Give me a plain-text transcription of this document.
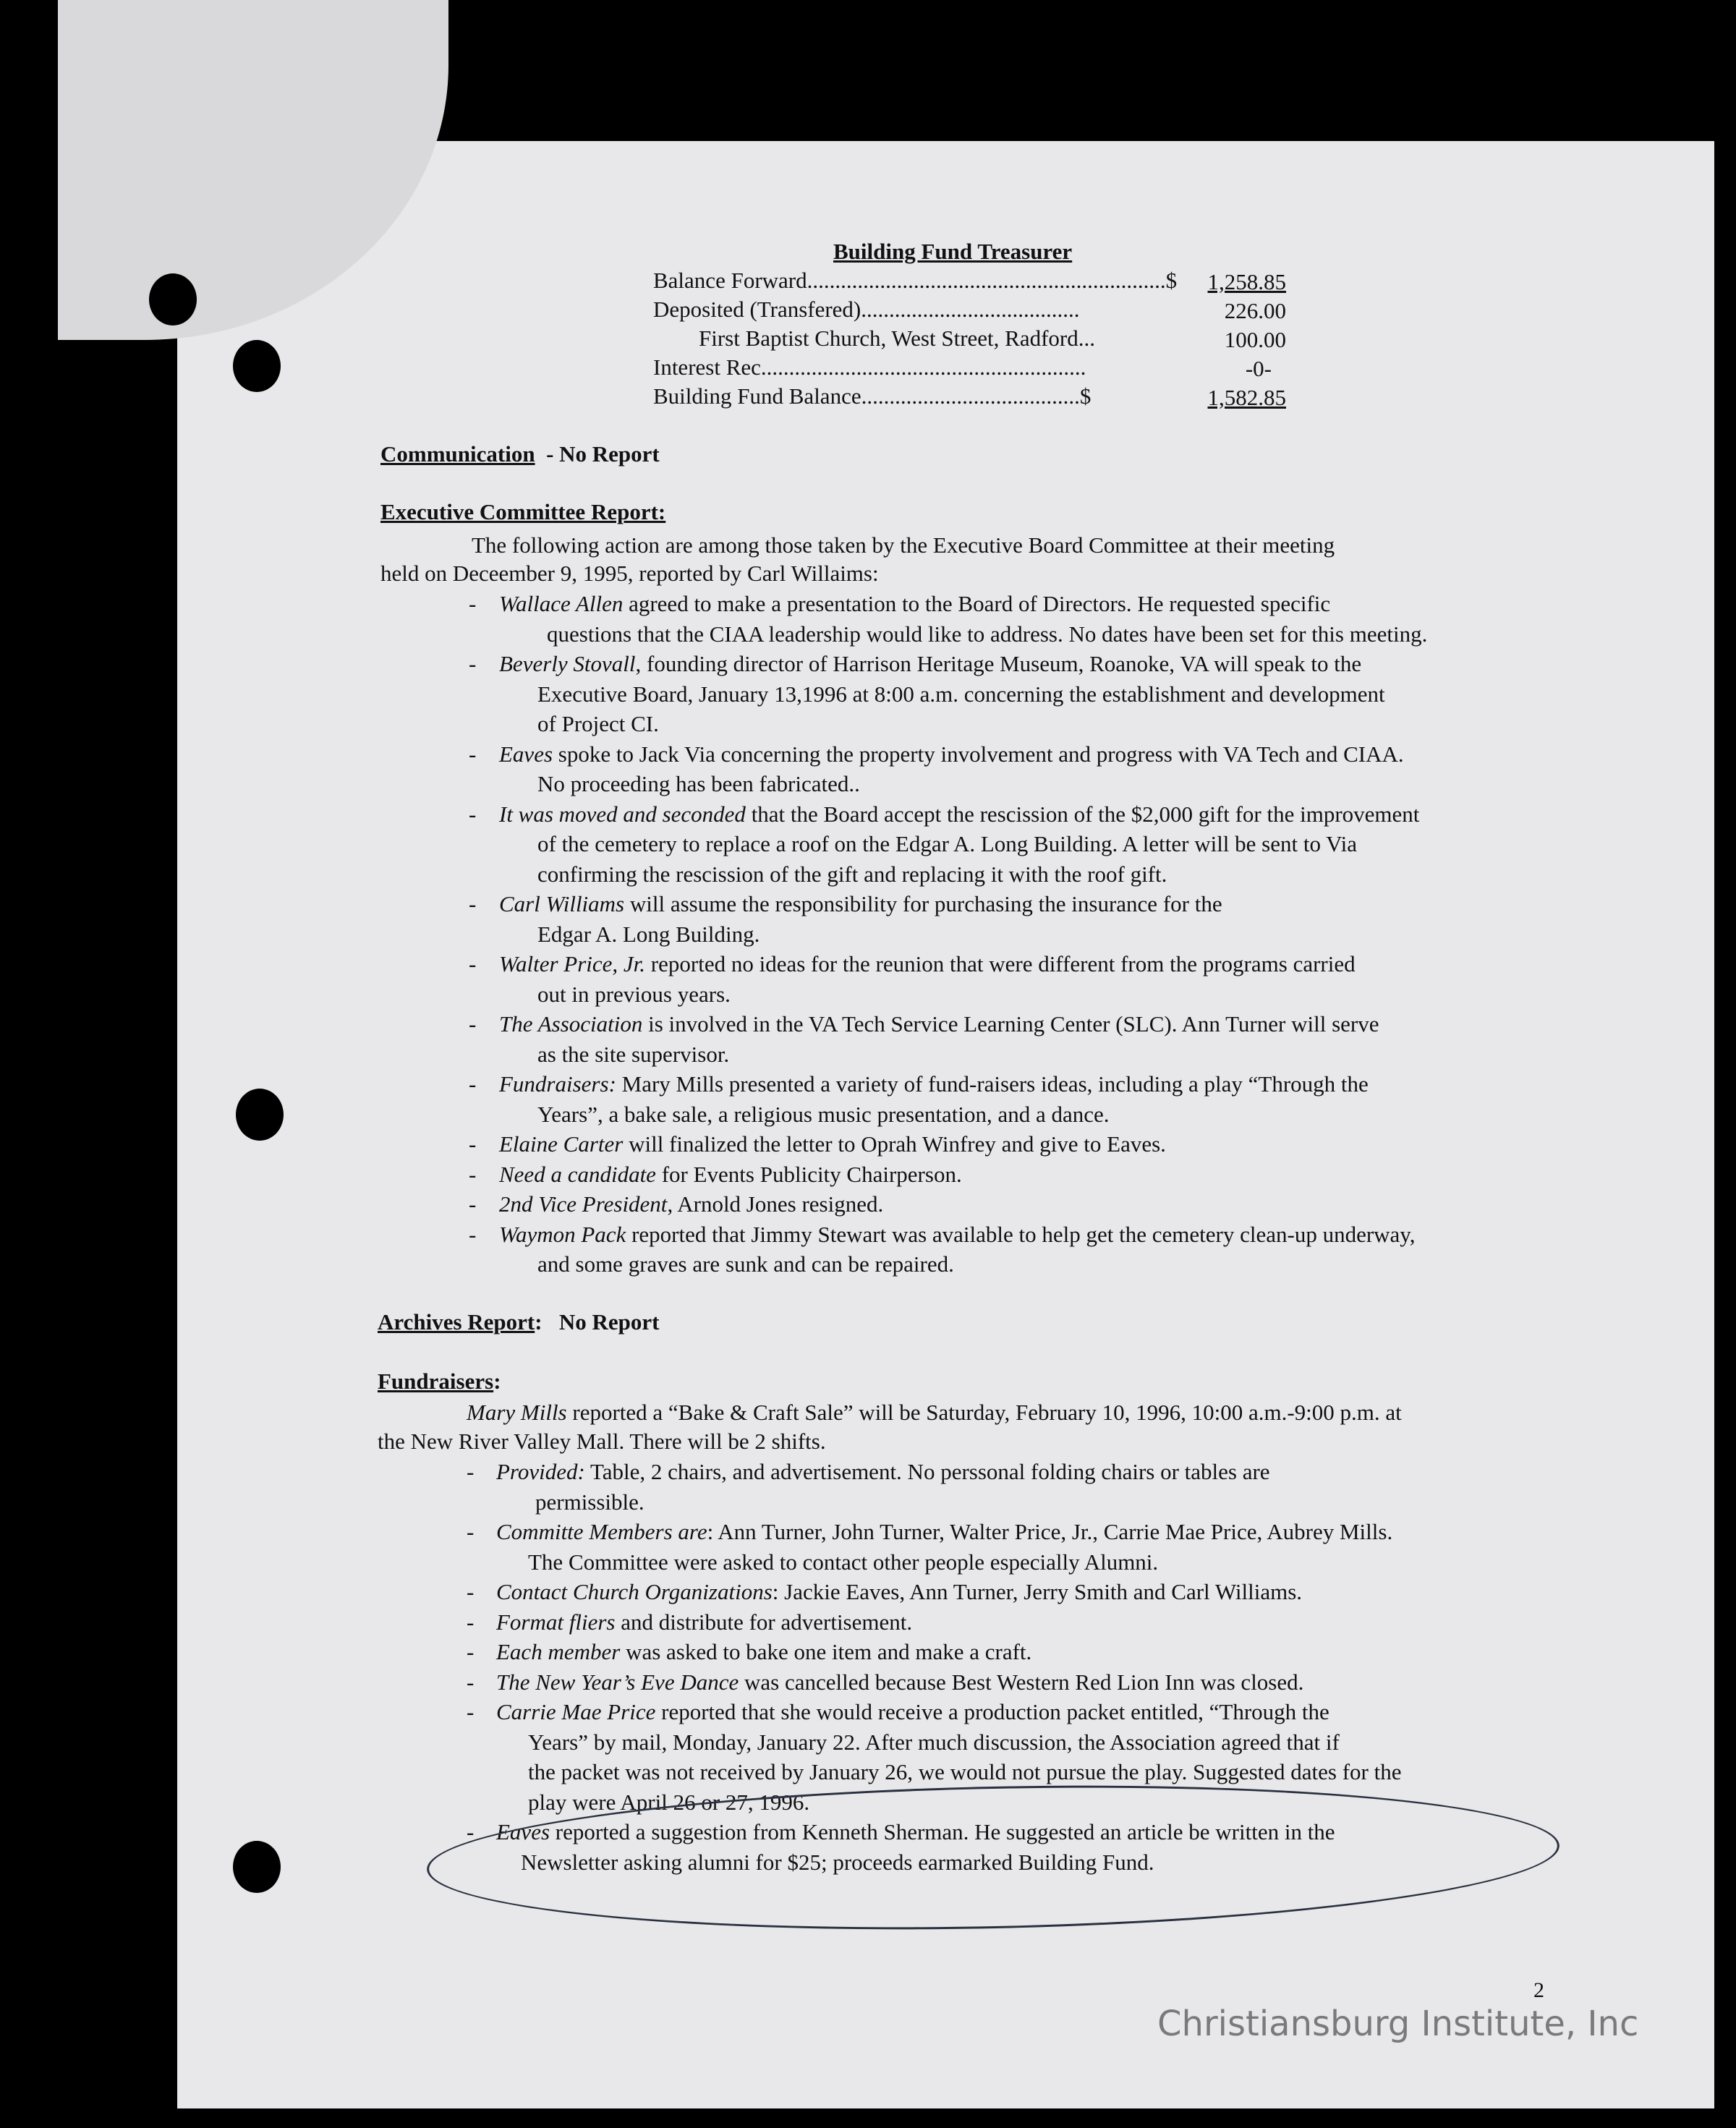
Building Fund Treasurer
Balance Forward................................................................$	1,258.85
Deposited (Transfered).......................................	226.00
First Baptist Church, West Street, Radford...	100.00
Interest Rec..........................................................	-0-
Building Fund Balance.......................................$	1,582.85
Communication - No Report
Executive Committee Report:
The following action are among those taken by the Executive Board Committee at their meeting
held on Deceember 9, 1995, reported by Carl Willaims:
- Wallace Allen agreed to make a presentation to the Board of Directors. He requested specific
questions that the CIAA leadership would like to address. No dates have been set for this meeting.
- Beverly Stovall, founding director of Harrison Heritage Museum, Roanoke, VA will speak to the
Executive Board, January 13,1996 at 8:00 a.m. concerning the establishment and development
of Project CI.
- Eaves spoke to Jack Via concerning the property involvement and progress with VA Tech and CIAA.
No proceeding has been fabricated..
- It was moved and seconded that the Board accept the rescission of the $2,000 gift for the improvement
of the cemetery to replace a roof on the Edgar A. Long Building. A letter will be sent to Via
confirming the rescission of the gift and replacing it with the roof gift.
- Carl Williams will assume the responsibility for purchasing the insurance for the
Edgar A. Long Building.
- Walter Price, Jr. reported no ideas for the reunion that were different from the programs carried
out in previous years.
- The Association is involved in the VA Tech Service Learning Center (SLC). Ann Turner will serve
as the site supervisor.
- Fundraisers: Mary Mills presented a variety of fund-raisers ideas, including a play “Through the
Years”, a bake sale, a religious music presentation, and a dance.
- Elaine Carter will finalized the letter to Oprah Winfrey and give to Eaves.
- Need a candidate for Events Publicity Chairperson.
- 2nd Vice President, Arnold Jones resigned.
- Waymon Pack reported that Jimmy Stewart was available to help get the cemetery clean-up underway,
and some graves are sunk and can be repaired.
Archives Report: No Report
Fundraisers:
Mary Mills reported a “Bake & Craft Sale” will be Saturday, February 10, 1996, 10:00 a.m.-9:00 p.m. at
the New River Valley Mall. There will be 2 shifts.
- Provided: Table, 2 chairs, and advertisement. No perssonal folding chairs or tables are
permissible.
- Committe Members are: Ann Turner, John Turner, Walter Price, Jr., Carrie Mae Price, Aubrey Mills.
The Committee were asked to contact other people especially Alumni.
- Contact Church Organizations: Jackie Eaves, Ann Turner, Jerry Smith and Carl Williams.
- Format fliers and distribute for advertisement.
- Each member was asked to bake one item and make a craft.
- The New Year’s Eve Dance was cancelled because Best Western Red Lion Inn was closed.
- Carrie Mae Price reported that she would receive a production packet entitled, “Through the
Years” by mail, Monday, January 22. After much discussion, the Association agreed that if
the packet was not received by January 26, we would not pursue the play. Suggested dates for the
play were April 26 or 27, 1996.
- Eaves reported a suggestion from Kenneth Sherman. He suggested an article be written in the
Newsletter asking alumni for $25; proceeds earmarked Building Fund.
2
Christiansburg Institute, Inc
